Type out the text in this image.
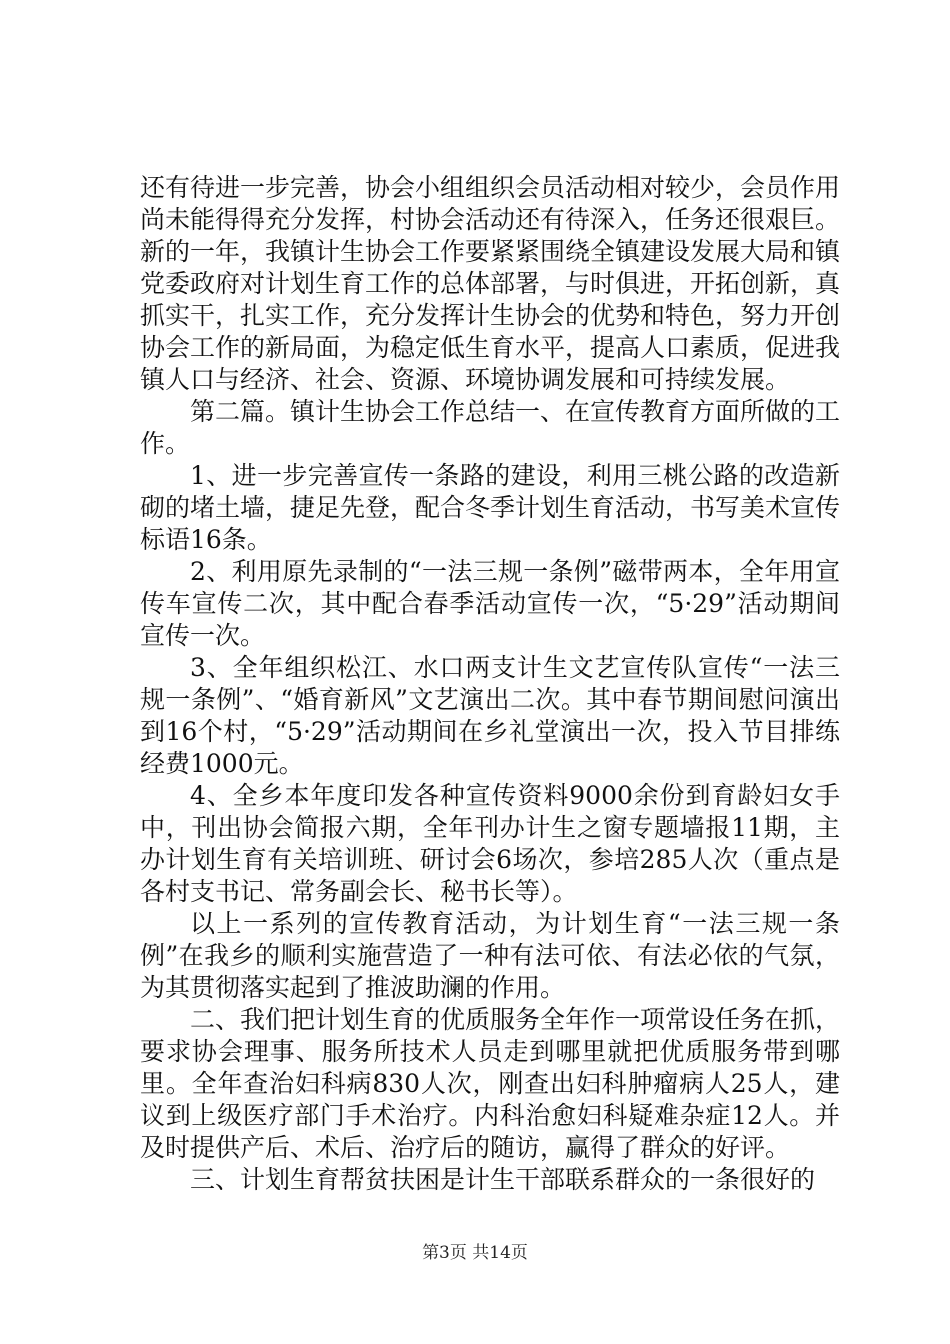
还有待进一步完善，协会小组组织会员活动相对较少，会员作用尚未能得得充分发挥，村协会活动还有待深入，任务还很艰巨。新的一年，我镇计生协会工作要紧紧围绕全镇建设发展大局和镇党委政府对计划生育工作的总体部署，与时俱进，开拓创新，真抓实干，扎实工作，充分发挥计生协会的优势和特色，努力开创协会工作的新局面，为稳定低生育水平，提高人口素质，促进我镇人口与经济、社会、资源、环境协调发展和可持续发展。

第二篇。镇计生协会工作总结一、在宣传教育方面所做的工作。

1、进一步完善宣传一条路的建设，利用三桃公路的改造新砌的堵土墙，捷足先登，配合冬季计划生育活动，书写美术宣传标语16条。

2、利用原先录制的“一法三规一条例”磁带两本，全年用宣传车宣传二次，其中配合春季活动宣传一次，“5·29”活动期间宣传一次。

3、全年组织松江、水口两支计生文艺宣传队宣传“一法三规一条例”、“婚育新风”文艺演出二次。其中春节期间慰问演出到16个村，“5·29”活动期间在乡礼堂演出一次，投入节目排练经费1000元。

4、全乡本年度印发各种宣传资料9000余份到育龄妇女手中，刊出协会简报六期，全年刊办计生之窗专题墙报11期，主办计划生育有关培训班、研讨会6场次，参培285人次（重点是各村支书记、常务副会长、秘书长等）。

以上一系列的宣传教育活动，为计划生育“一法三规一条例”在我乡的顺利实施营造了一种有法可依、有法必依的气氛，为其贯彻落实起到了推波助澜的作用。

二、我们把计划生育的优质服务全年作一项常设任务在抓，要求协会理事、服务所技术人员走到哪里就把优质服务带到哪里。全年查治妇科病830人次，刚查出妇科肿瘤病人25人，建议到上级医疗部门手术治疗。内科治愈妇科疑难杂症12人。并及时提供产后、术后、治疗后的随访，赢得了群众的好评。

三、计划生育帮贫扶困是计生干部联系群众的一条很好的

第3页 共14页
